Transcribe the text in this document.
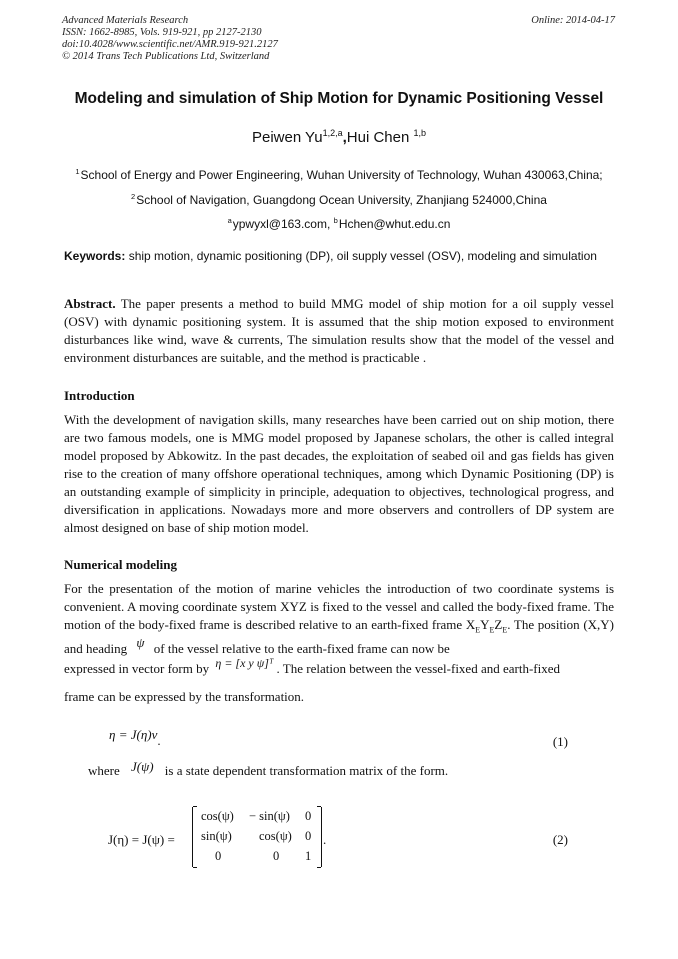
Advanced Materials Research
ISSN: 1662-8985, Vols. 919-921, pp 2127-2130
doi:10.4028/www.scientific.net/AMR.919-921.2127
© 2014 Trans Tech Publications Ltd, Switzerland
Online: 2014-04-17
Modeling and simulation of Ship Motion for Dynamic Positioning Vessel
Peiwen Yu$^{1,2,a}$,Hui Chen $^{1,b}$
$^1$School of Energy and Power Engineering, Wuhan University of Technology, Wuhan 430063,China;
$^2$School of Navigation, Guangdong Ocean University, Zhanjiang 524000,China
$^a$ypwyxl@163.com, $^b$Hchen@whut.edu.cn
Keywords: ship motion, dynamic positioning (DP), oil supply vessel (OSV), modeling and simulation
Abstract. The paper presents a method to build MMG model of ship motion for a oil supply vessel (OSV) with dynamic positioning system. It is assumed that the ship motion exposed to environment disturbances like wind, wave & currents, The simulation results show that the model of the vessel and environment disturbances are suitable, and the method is practicable .
Introduction
With the development of navigation skills, many researches have been carried out on ship motion, there are two famous models, one is MMG model proposed by Japanese scholars, the other is called integral model proposed by Abkowitz. In the past decades, the exploitation of seabed oil and gas fields has given rise to the creation of many offshore operational techniques, among which Dynamic Positioning (DP) is an outstanding example of simplicity in principle, adequation to objectives, technological progress, and diversification in applications. Nowadays more and more observers and controllers of DP system are almost designed on base of ship motion model.
Numerical modeling
For the presentation of the motion of marine vehicles the introduction of two coordinate systems is convenient. A moving coordinate system XYZ is fixed to the vessel and called the body-fixed frame. The motion of the body-fixed frame is described relative to an earth-fixed frame $X_EY_EZ_E$. The position (X,Y) and heading ψ of the vessel relative to the earth-fixed frame can now be
expressed in vector form by η = [x y ψ]ᵀ . The relation between the vessel-fixed and earth-fixed
frame can be expressed by the transformation.
η = J(η)ν.	(1)
where J(ψ) is a state dependent transformation matrix of the form.
J(η) = J(ψ) =
cos(ψ) − sin(ψ) 0
sin(ψ) cos(ψ) 0
0	0 1
.	(2)
